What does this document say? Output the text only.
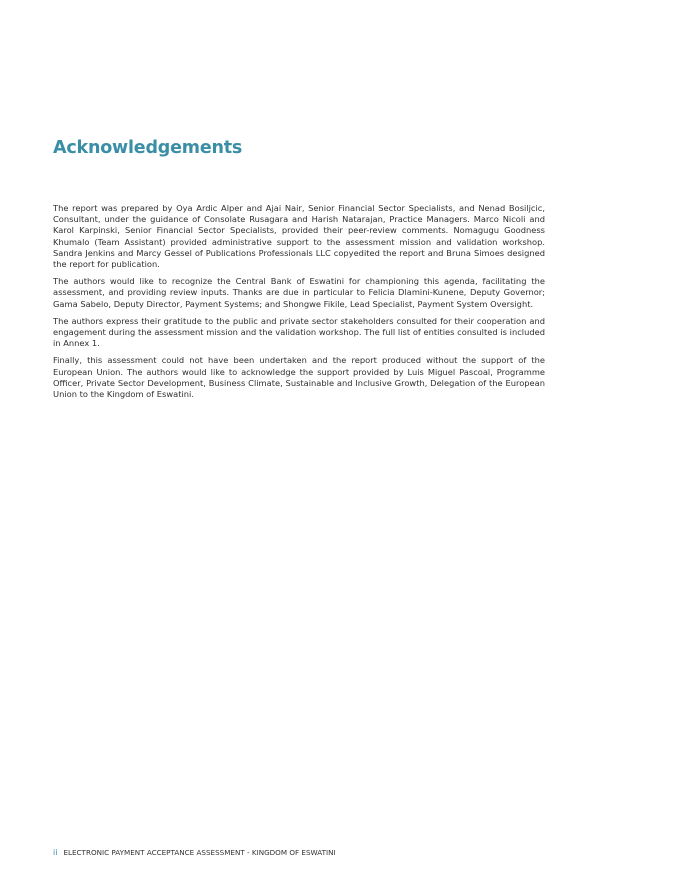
Acknowledgements

The report was prepared by Oya Ardic Alper and Ajai Nair, Senior Financial Sector Specialists, and Nenad Bosiljcic, Consultant, under the guidance of Consolate Rusagara and Harish Natarajan, Practice Managers. Marco Nicoli and Karol Karpinski, Senior Financial Sector Specialists, provided their peer-review comments. Nomagugu Goodness Khumalo (Team Assistant) provided administrative support to the assessment mission and validation workshop. Sandra Jenkins and Marcy Gessel of Publications Professionals LLC copyedited the report and Bruna Simoes designed the report for publication.

The authors would like to recognize the Central Bank of Eswatini for championing this agenda, facilitating the assessment, and providing review inputs. Thanks are due in particular to Felicia Dlamini-Kunene, Deputy Governor; Gama Sabelo, Deputy Director, Payment Systems; and Shongwe Fikile, Lead Specialist, Payment System Oversight.

The authors express their gratitude to the public and private sector stakeholders consulted for their cooperation and engagement during the assessment mission and the validation workshop. The full list of entities consulted is included in Annex 1.

Finally, this assessment could not have been undertaken and the report produced without the support of the European Union. The authors would like to acknowledge the support provided by Luis Miguel Pascoal, Programme Officer, Private Sector Development, Business Climate, Sustainable and Inclusive Growth, Delegation of the European Union to the Kingdom of Eswatini.

ii ELECTRONIC PAYMENT ACCEPTANCE ASSESSMENT - KINGDOM OF ESWATINI
